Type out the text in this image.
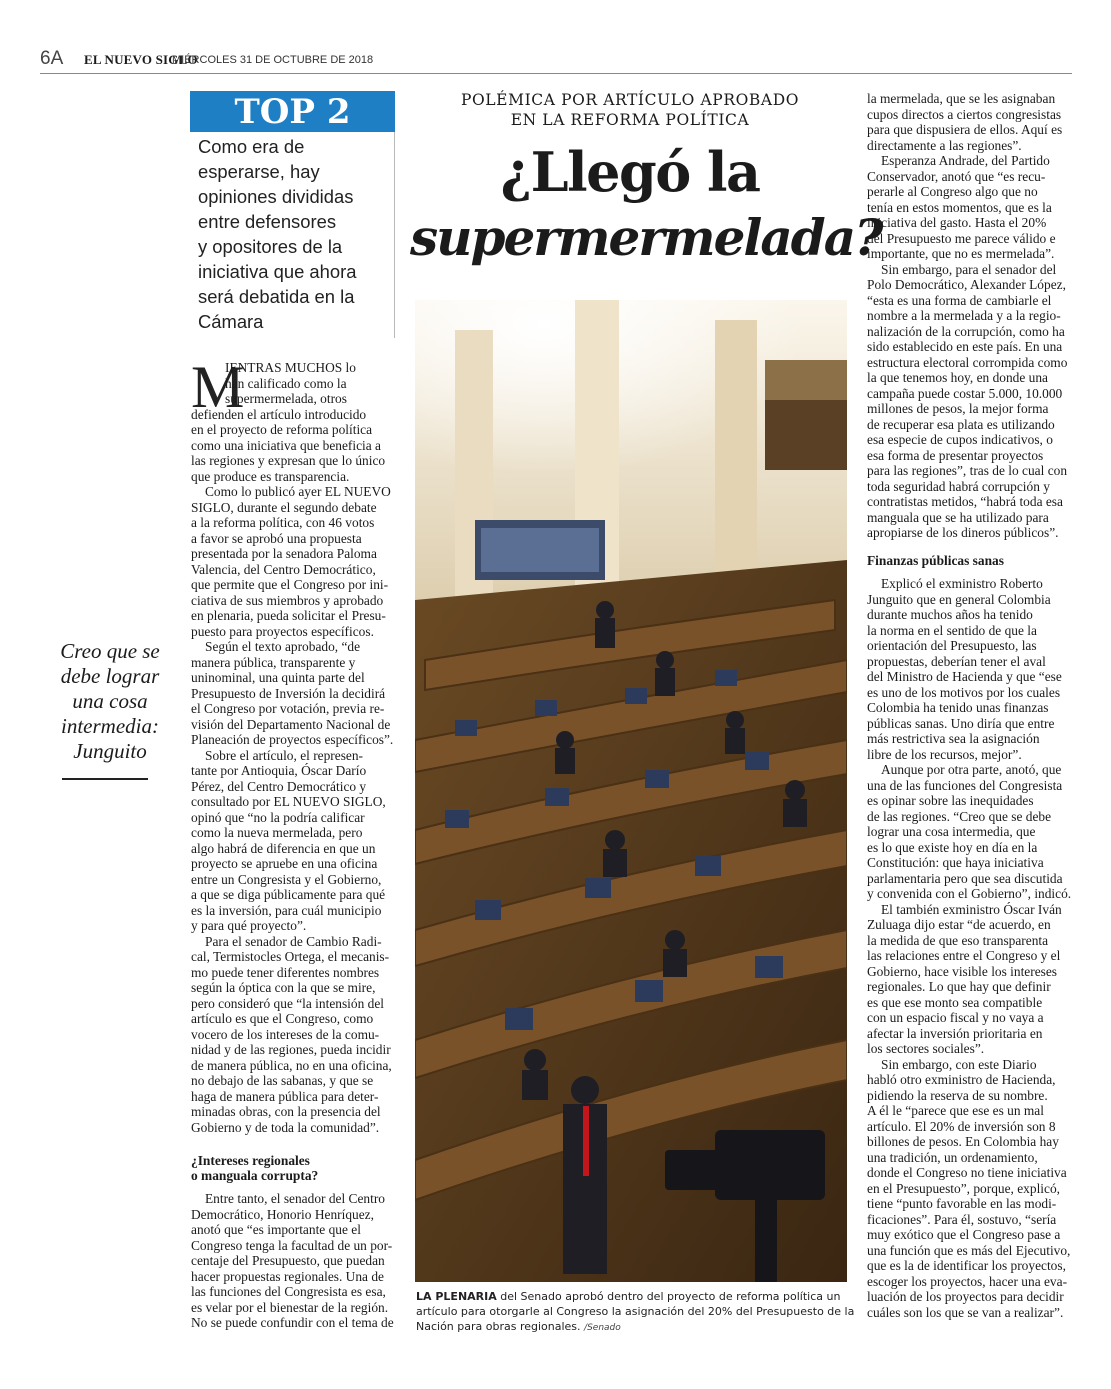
6A EL NUEVO SIGLO
MIÉRCOLES 31 DE OCTUBRE DE 2018
TOP 2
Como era de
esperarse, hay
opiniones divididas
entre defensores
y opositores de la
iniciativa que ahora
será debatida en la
Cámara
Creo que se
debe lograr
una cosa
intermedia:
Junguito
POLÉMICA POR ARTÍCULO APROBADO
EN LA REFORMA POLÍTICA
¿Llegó la
supermermelada?
M
IENTRAS MUCHOS lo
han calificado como la
supermermelada, otros
defienden el artículo introducido
en el proyecto de reforma política
como una iniciativa que beneficia a
las regiones y expresan que lo único
que produce es transparencia.
Como lo publicó ayer EL NUEVO
SIGLO, durante el segundo debate
a la reforma política, con 46 votos
a favor se aprobó una propuesta
presentada por la senadora Paloma
Valencia, del Centro Democrático,
que permite que el Congreso por ini-
ciativa de sus miembros y aprobado
en plenaria, pueda solicitar el Presu-
puesto para proyectos específicos.
Según el texto aprobado, “de
manera pública, transparente y
uninominal, una quinta parte del
Presupuesto de Inversión la decidirá
el Congreso por votación, previa re-
visión del Departamento Nacional de
Planeación de proyectos específicos”.
Sobre el artículo, el represen-
tante por Antioquia, Óscar Darío
Pérez, del Centro Democrático y
consultado por EL NUEVO SIGLO,
opinó que “no la podría calificar
como la nueva mermelada, pero
algo habrá de diferencia en que un
proyecto se apruebe en una oficina
entre un Congresista y el Gobierno,
a que se diga públicamente para qué
es la inversión, para cuál municipio
y para qué proyecto”.
Para el senador de Cambio Radi-
cal, Termistocles Ortega, el mecanis-
mo puede tener diferentes nombres
según la óptica con la que se mire,
pero consideró que “la intensión del
artículo es que el Congreso, como
vocero de los intereses de la comu-
nidad y de las regiones, pueda incidir
de manera pública, no en una oficina,
no debajo de las sabanas, y que se
haga de manera pública para deter-
minadas obras, con la presencia del
Gobierno y de toda la comunidad”.
¿Intereses regionales
o manguala corrupta?
Entre tanto, el senador del Centro
Democrático, Honorio Henríquez,
anotó que “es importante que el
Congreso tenga la facultad de un por-
centaje del Presupuesto, que puedan
hacer propuestas regionales. Una de
las funciones del Congresista es esa,
es velar por el bienestar de la región.
No se puede confundir con el tema de
la mermelada, que se les asignaban
cupos directos a ciertos congresistas
para que dispusiera de ellos. Aquí es
directamente a las regiones”.
Esperanza Andrade, del Partido
Conservador, anotó que “es recu-
perarle al Congreso algo que no
tenía en estos momentos, que es la
iniciativa del gasto. Hasta el 20%
del Presupuesto me parece válido e
importante, que no es mermelada”.
Sin embargo, para el senador del
Polo Democrático, Alexander López,
“esta es una forma de cambiarle el
nombre a la mermelada y a la regio-
nalización de la corrupción, como ha
sido establecido en este país. En una
estructura electoral corrompida como
la que tenemos hoy, en donde una
campaña puede costar 5.000, 10.000
millones de pesos, la mejor forma
de recuperar esa plata es utilizando
esa especie de cupos indicativos, o
esa forma de presentar proyectos
para las regiones”, tras de lo cual con
toda seguridad habrá corrupción y
contratistas metidos, “habrá toda esa
manguala que se ha utilizado para
apropiarse de los dineros públicos”.
Finanzas públicas sanas
Explicó el exministro Roberto
Junguito que en general Colombia
durante muchos años ha tenido
la norma en el sentido de que la
orientación del Presupuesto, las
propuestas, deberían tener el aval
del Ministro de Hacienda y que “ese
es uno de los motivos por los cuales
Colombia ha tenido unas finanzas
públicas sanas. Uno diría que entre
más restrictiva sea la asignación
libre de los recursos, mejor”.
Aunque por otra parte, anotó, que
una de las funciones del Congresista
es opinar sobre las inequidades
de las regiones. “Creo que se debe
lograr una cosa intermedia, que
es lo que existe hoy en día en la
Constitución: que haya iniciativa
parlamentaria pero que sea discutida
y convenida con el Gobierno”, indicó.
El también exministro Óscar Iván
Zuluaga dijo estar “de acuerdo, en
la medida de que eso transparenta
las relaciones entre el Congreso y el
Gobierno, hace visible los intereses
regionales. Lo que hay que definir
es que ese monto sea compatible
con un espacio fiscal y no vaya a
afectar la inversión prioritaria en
los sectores sociales”.
Sin embargo, con este Diario
habló otro exministro de Hacienda,
pidiendo la reserva de su nombre.
A él le “parece que ese es un mal
artículo. El 20% de inversión son 8
billones de pesos. En Colombia hay
una tradición, un ordenamiento,
donde el Congreso no tiene iniciativa
en el Presupuesto”, porque, explicó,
tiene “punto favorable en las modi-
ficaciones”. Para él, sostuvo, “sería
muy exótico que el Congreso pase a
una función que es más del Ejecutivo,
que es la de identificar los proyectos,
escoger los proyectos, hacer una eva-
luación de los proyectos para decidir
cuáles son los que se van a realizar”.
LA PLENARIA del Senado aprobó dentro del proyecto de reforma política un
artículo para otorgarle al Congreso la asignación del 20% del Presupuesto de la
Nación para obras regionales. /Senado
